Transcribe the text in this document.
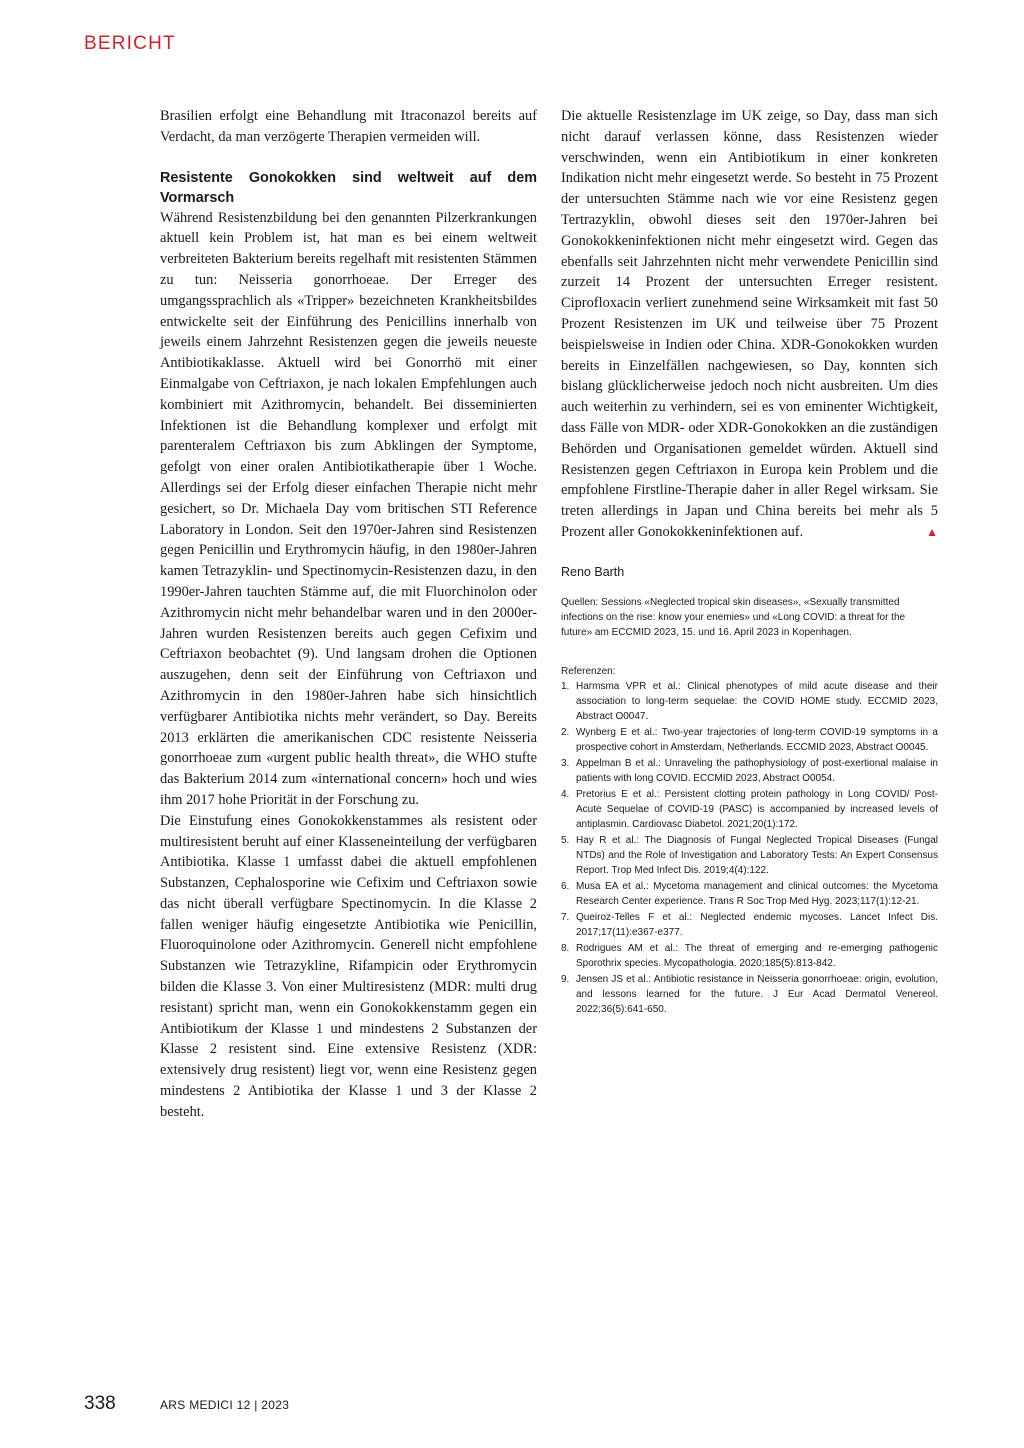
BERICHT

Brasilien erfolgt eine Behandlung mit Itraconazol bereits auf Verdacht, da man verzögerte Therapien vermeiden will.

Resistente Gonokokken sind weltweit auf dem Vormarsch

Während Resistenzbildung bei den genannten Pilzerkrankungen aktuell kein Problem ist, hat man es bei einem weltweit verbreiteten Bakterium bereits regelhaft mit resistenten Stämmen zu tun: Neisseria gonorrhoeae. Der Erreger des umgangssprachlich als «Tripper» bezeichneten Krankheitsbildes entwickelte seit der Einführung des Penicillins innerhalb von jeweils einem Jahrzehnt Resistenzen gegen die jeweils neueste Antibiotikaklasse. Aktuell wird bei Gonorrhö mit einer Einmalgabe von Ceftriaxon, je nach lokalen Empfehlungen auch kombiniert mit Azithromycin, behandelt. Bei disseminierten Infektionen ist die Behandlung komplexer und erfolgt mit parenteralem Ceftriaxon bis zum Abklingen der Symptome, gefolgt von einer oralen Antibiotikatherapie über 1 Woche. Allerdings sei der Erfolg dieser einfachen Therapie nicht mehr gesichert, so Dr. Michaela Day vom britischen STI Reference Laboratory in London. Seit den 1970er-Jahren sind Resistenzen gegen Penicillin und Erythromycin häufig, in den 1980er-Jahren kamen Tetrazyklin- und Spectinomycin-Resistenzen dazu, in den 1990er-Jahren tauchten Stämme auf, die mit Fluorchinolon oder Azithromycin nicht mehr behandelbar waren und in den 2000er-Jahren wurden Resistenzen bereits auch gegen Cefixim und Ceftriaxon beobachtet (9). Und langsam drohen die Optionen auszugehen, denn seit der Einführung von Ceftriaxon und Azithromycin in den 1980er-Jahren habe sich hinsichtlich verfügbarer Antibiotika nichts mehr verändert, so Day. Bereits 2013 erklärten die amerikanischen CDC resistente Neisseria gonorrhoeae zum «urgent public health threat», die WHO stufte das Bakterium 2014 zum «international concern» hoch und wies ihm 2017 hohe Priorität in der Forschung zu.

Die Einstufung eines Gonokokkenstammes als resistent oder multiresistent beruht auf einer Klasseneinteilung der verfügbaren Antibiotika. Klasse 1 umfasst dabei die aktuell empfohlenen Substanzen, Cephalosporine wie Cefixim und Ceftriaxon sowie das nicht überall verfügbare Spectinomycin. In die Klasse 2 fallen weniger häufig eingesetzte Antibiotika wie Penicillin, Fluoroquinolone oder Azithromycin. Generell nicht empfohlene Substanzen wie Tetrazykline, Rifampicin oder Erythromycin bilden die Klasse 3. Von einer Multiresistenz (MDR: multi drug resistant) spricht man, wenn ein Gonokokkenstamm gegen ein Antibiotikum der Klasse 1 und mindestens 2 Substanzen der Klasse 2 resistent sind. Eine extensive Resistenz (XDR: extensively drug resistent) liegt vor, wenn eine Resistenz gegen mindestens 2 Antibiotika der Klasse 1 und 3 der Klasse 2 besteht.

Die aktuelle Resistenzlage im UK zeige, so Day, dass man sich nicht darauf verlassen könne, dass Resistenzen wieder verschwinden, wenn ein Antibiotikum in einer konkreten Indikation nicht mehr eingesetzt werde. So besteht in 75 Prozent der untersuchten Stämme nach wie vor eine Resistenz gegen Tertrazyklin, obwohl dieses seit den 1970er-Jahren bei Gonokokkeninfektionen nicht mehr eingesetzt wird. Gegen das ebenfalls seit Jahrzehnten nicht mehr verwendete Penicillin sind zurzeit 14 Prozent der untersuchten Erreger resistent. Ciprofloxacin verliert zunehmend seine Wirksamkeit mit fast 50 Prozent Resistenzen im UK und teilweise über 75 Prozent beispielsweise in Indien oder China. XDR-Gonokokken wurden bereits in Einzelfällen nachgewiesen, so Day, konnten sich bislang glücklicherweise jedoch noch nicht ausbreiten. Um dies auch weiterhin zu verhindern, sei es von eminenter Wichtigkeit, dass Fälle von MDR- oder XDR-Gonokokken an die zuständigen Behörden und Organisationen gemeldet würden. Aktuell sind Resistenzen gegen Ceftriaxon in Europa kein Problem und die empfohlene Firstline-Therapie daher in aller Regel wirksam. Sie treten allerdings in Japan und China bereits bei mehr als 5 Prozent aller Gonokokkeninfektionen auf.	▲

Reno Barth
Quellen: Sessions «Neglected tropical skin diseases», «Sexually transmitted infections on the rise: know your enemies» und «Long COVID: a threat for the future» am ECCMID 2023, 15. und 16. April 2023 in Kopenhagen.
Referenzen:
1. Harmsma VPR et al.: Clinical phenotypes of mild acute disease and their association to long-term sequelae: the COVID HOME study. ECCMID 2023, Abstract O0047.
2. Wynberg E et al.: Two-year trajectories of long-term COVID-19 symptoms in a prospective cohort in Amsterdam, Netherlands. ECCMID 2023, Abstract O0045.
3. Appelman B et al.: Unraveling the pathophysiology of post-exertional malaise in patients with long COVID. ECCMID 2023, Abstract O0054.
4. Pretorius E et al.: Persistent clotting protein pathology in Long COVID/ Post-Acute Sequelae of COVID-19 (PASC) is accompanied by increased levels of antiplasmin. Cardiovasc Diabetol. 2021;20(1):172.
5. Hay R et al.: The Diagnosis of Fungal Neglected Tropical Diseases (Fungal NTDs) and the Role of Investigation and Laboratory Tests: An Expert Consensus Report. Trop Med Infect Dis. 2019;4(4):122.
6. Musa EA et al.: Mycetoma management and clinical outcomes: the Mycetoma Research Center experience. Trans R Soc Trop Med Hyg. 2023;117(1):12-21.
7. Queiroz-Telles F et al.: Neglected endemic mycoses. Lancet Infect Dis. 2017;17(11):e367-e377.
8. Rodrigues AM et al.: The threat of emerging and re-emerging pathogenic Sporothrix species. Mycopathologia. 2020;185(5):813-842.
9. Jensen JS et al.: Antibiotic resistance in Neisseria gonorrhoeae: origin, evolution, and lessons learned for the future. J Eur Acad Dermatol Venereol. 2022;36(5):641-650.
338	ARS MEDICI 12 | 2023
